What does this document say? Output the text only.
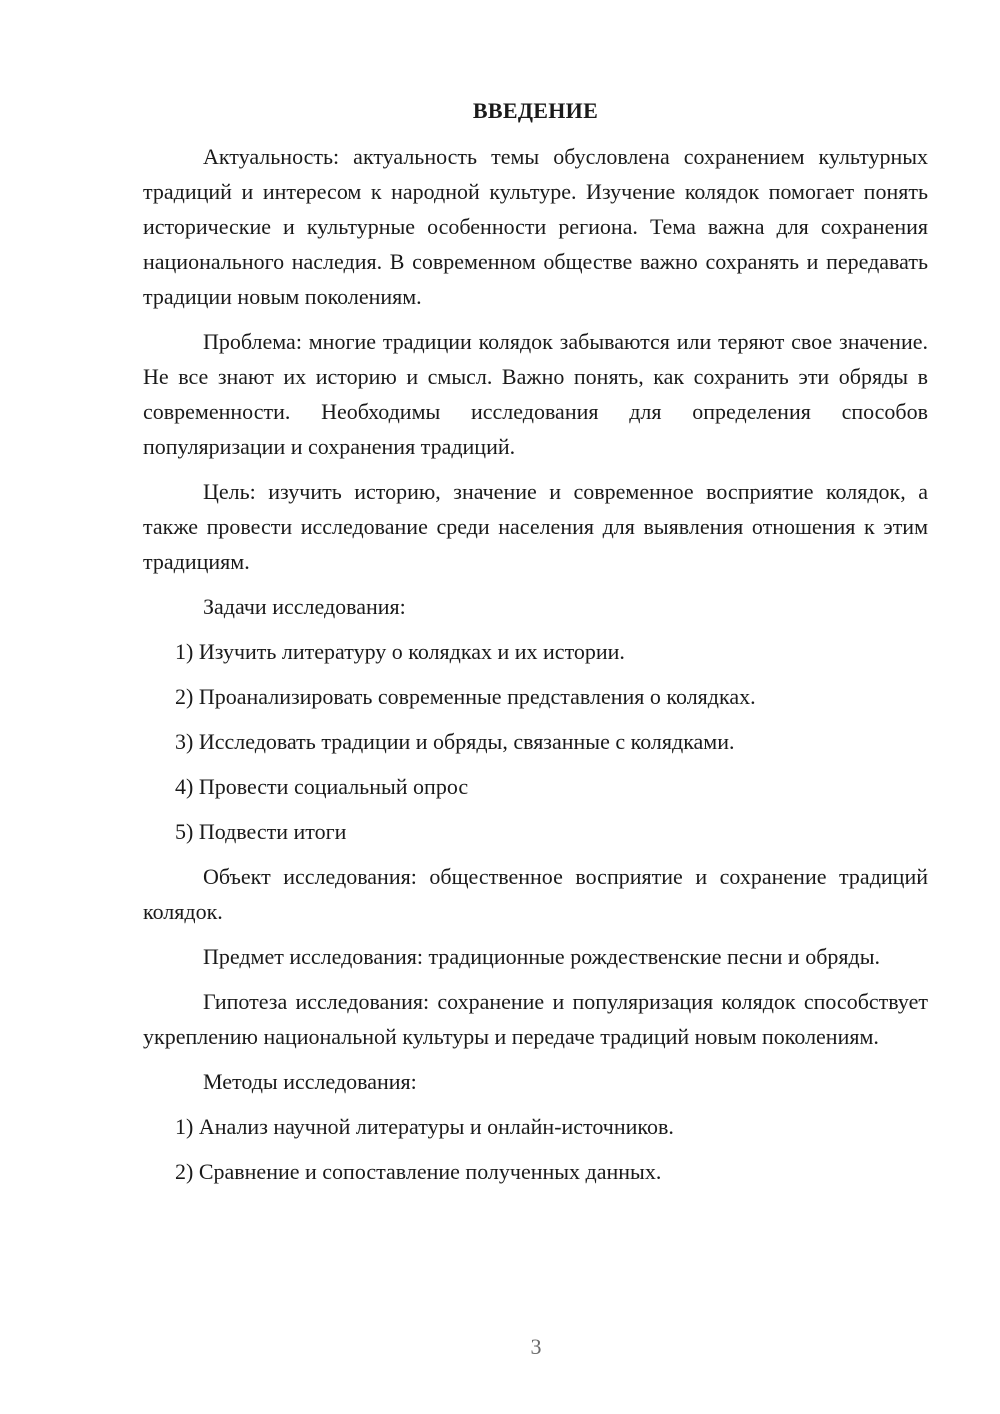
ВВЕДЕНИЕ

Актуальность: актуальность темы обусловлена сохранением культурных традиций и интересом к народной культуре. Изучение колядок помогает понять исторические и культурные особенности региона. Тема важна для сохранения национального наследия. В современном обществе важно сохранять и передавать традиции новым поколениям.

Проблема: многие традиции колядок забываются или теряют свое значение. Не все знают их историю и смысл. Важно понять, как сохранить эти обряды в современности. Необходимы исследования для определения способов популяризации и сохранения традиций.

Цель: изучить историю, значение и современное восприятие колядок, а также провести исследование среди населения для выявления отношения к этим традициям.

Задачи исследования:

1) Изучить литературу о колядках и их истории.

2) Проанализировать современные представления о колядках.

3) Исследовать традиции и обряды, связанные с колядками.

4) Провести социальный опрос

5) Подвести итоги

Объект исследования: общественное восприятие и сохранение традиций колядок.

Предмет исследования: традиционные рождественские песни и обряды.

Гипотеза исследования: сохранение и популяризация колядок способствует укреплению национальной культуры и передаче традиций новым поколениям.

Методы исследования:

1) Анализ научной литературы и онлайн-источников.

2) Сравнение и сопоставление полученных данных.

3
